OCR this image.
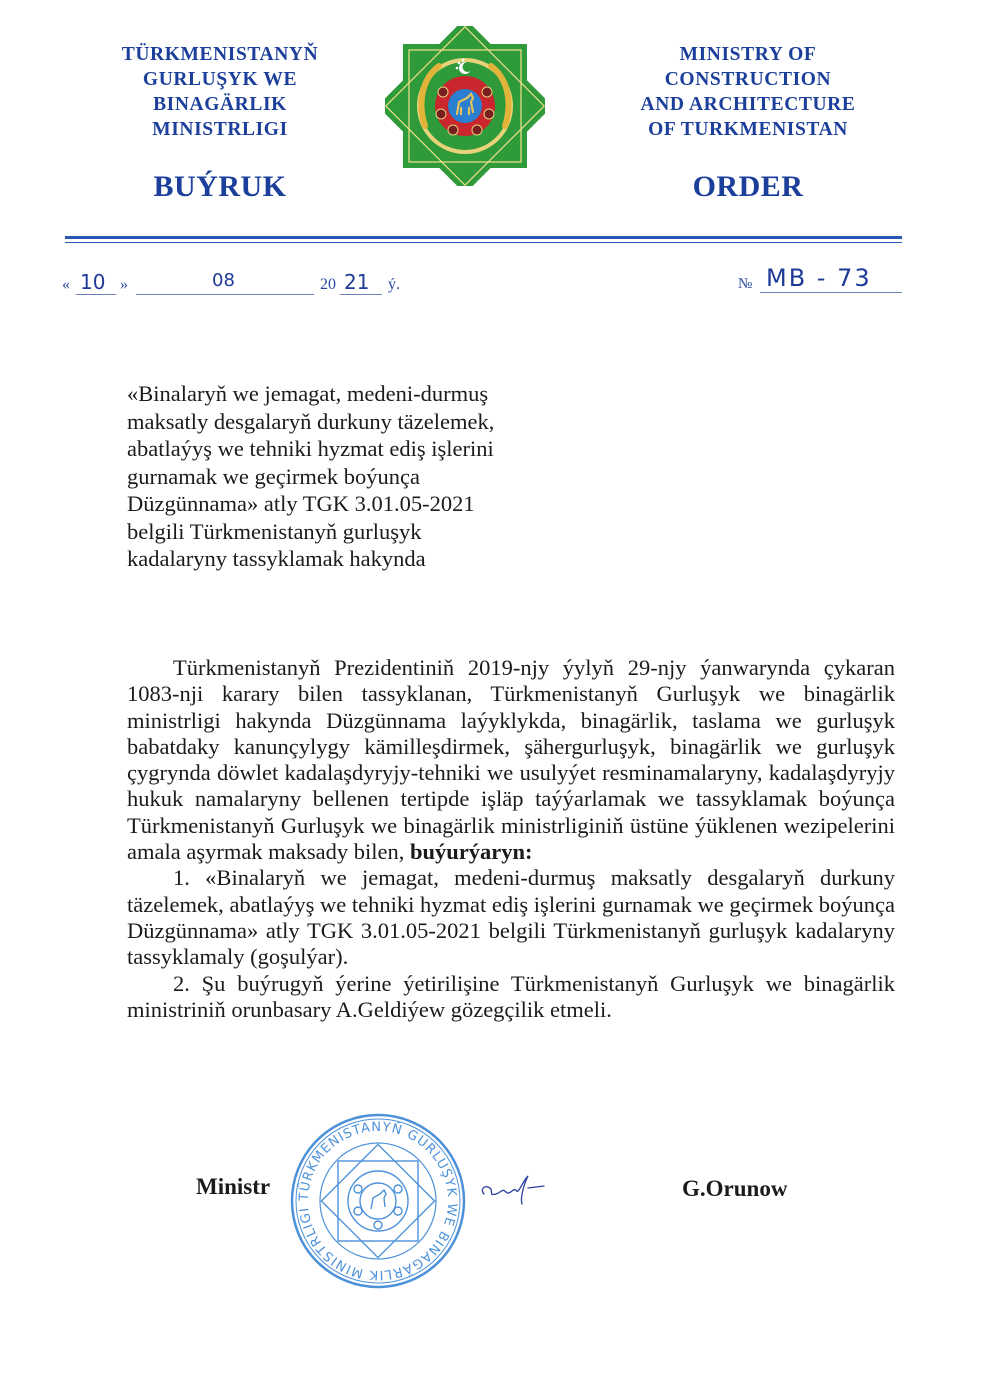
TÜRKMENISTANYŇ
GURLUŞYK WE
BINAGÄRLIK
MINISTRLIGI
BUÝRUK
MINISTRY OF
CONSTRUCTION
AND ARCHITECTURE
OF TURKMENISTAN
ORDER
« 10 »	08	20 21 ý.	№ MB - 73

«Binalaryň we jemagat, medeni-durmuş
maksatly desgalaryň durkuny täzelemek,
abatlaýyş we tehniki hyzmat ediş işlerini
gurnamak we geçirmek boýunça
Düzgünnama» atly TGK 3.01.05-2021
belgili Türkmenistanyň gurluşyk
kadalaryny tassyklamak hakynda

Türkmenistanyň Prezidentiniň 2019-njy ýylyň 29-njy ýanwarynda çykaran 1083-nji karary bilen tassyklanan, Türkmenistanyň Gurluşyk we binagärlik ministrligi hakynda Düzgünnama laýyklykda, binagärlik, taslama we gurluşyk babatdaky kanunçylygy kämilleşdirmek, şähergurluşyk, binagärlik we gurluşyk çygrynda döwlet kadalaşdyryjy-tehniki we usulyýet resminamalaryny, kadalaşdyryjy hukuk namalaryny bellenen tertipde işläp taýýarlamak we tassyklamak boýunça Türkmenistanyň Gurluşyk we binagärlik ministrliginiň üstüne ýüklenen wezipelerini amala aşyrmak maksady bilen, buýurýaryn:

1. «Binalaryň we jemagat, medeni-durmuş maksatly desgalaryň durkuny täzelemek, abatlaýyş we tehniki hyzmat ediş işlerini gurnamak we geçirmek boýunça Düzgünnama» atly TGK 3.01.05-2021 belgili Türkmenistanyň gurluşyk kadalaryny tassyklamaly (goşulýar).

2. Şu buýrugyň ýerine ýetirilişine Türkmenistanyň Gurluşyk we binagärlik ministriniň orunbasary A.Geldiýew gözegçilik etmeli.

Ministr TÜRKMENISTANYŇ GURLUŞYK WE BINAGÄRLIK MINISTRLIGI
G.Orunow
